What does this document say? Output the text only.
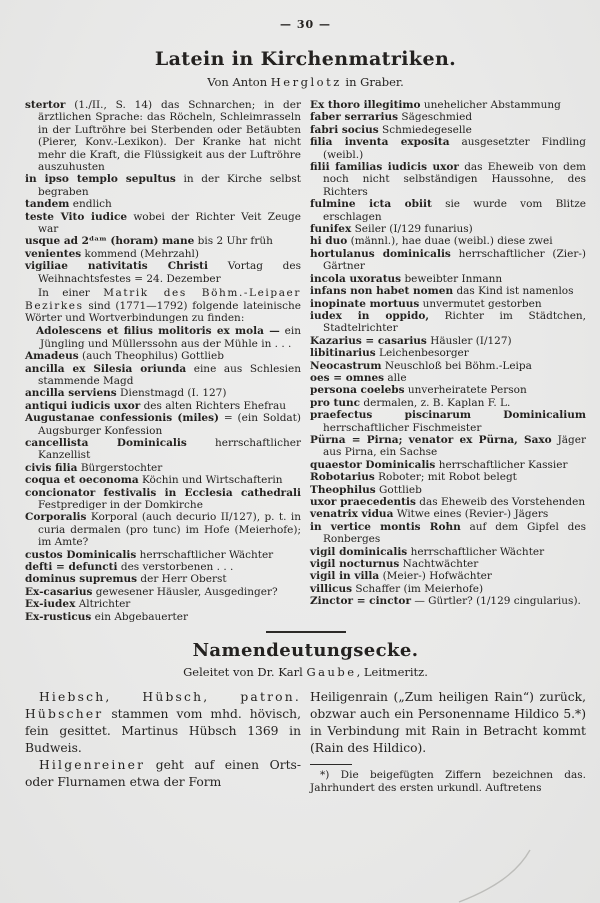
— 30 —
Latein in Kirchenmatriken.
Von Anton Herglotz in Graber.
stertor (1./II., S. 14) das Schnarchen; in der ärztlichen Sprache: das Röcheln, Schleimrasseln in der Luftröhre bei Sterbenden oder Betäubten (Pierer, Konv.-Lexikon). Der Kranke hat nicht mehr die Kraft, die Flüssigkeit aus der Luftröhre auszuhusten
in ipso templo sepultus in der Kirche selbst begraben
tandem endlich
teste Vito iudice wobei der Richter Veit Zeuge war
usque ad 2ᵈᵃᵐ (horam) mane bis 2 Uhr früh
venientes kommend (Mehrzahl)
vigiliae nativitatis Christi Vortag des Weihnachtsfestes = 24. Dezember

In einer Matrik des Böhm.-Leipaer Bezirkes sind (1771—1792) folgende lateinische Wörter und Wortverbindungen zu finden:

Adolescens et filius molitoris ex mola — ein Jüngling und Müllerssohn aus der Mühle in . . .
Amadeus (auch Theophilus) Gottlieb
ancilla ex Silesia oriunda eine aus Schlesien stammende Magd
ancilla serviens Dienstmagd (I. 127)
antiqui iudicis uxor des alten Richters Ehefrau
Augustanae confessionis (miles) = (ein Soldat) Augsburger Konfession
cancellista Dominicalis	herrschaftlicher Kanzellist
civis filia Bürgerstochter
coqua et oeconoma Köchin und Wirtschafterin
concionator festivalis in Ecclesia cathedrali Festprediger in der Domkirche
Corporalis Korporal (auch decurio II/127), p. t. in curia dermalen (pro tunc) im Hofe (Meierhofe); im Amte?
custos Dominicalis herrschaftlicher Wächter
defti = defuncti des verstorbenen . . .
dominus supremus der Herr Oberst
Ex-casarius gewesener Häusler, Ausgedinger?
Ex-iudex Altrichter
Ex-rusticus ein Abgebauerter
Ex thoro illegitimo unehelicher Abstammung
faber serrarius Sägeschmied
fabri socius Schmiedegeselle
filia inventa exposita ausgesetzter Findling (weibl.)
filii familias iudicis uxor das Eheweib von dem noch nicht selbständigen Haussohne, des Richters
fulmine icta obiit sie wurde vom Blitze erschlagen
funifex Seiler (I/129 funarius)
hi duo (männl.), hae duae (weibl.) diese zwei
hortulanus dominicalis herrschaftlicher (Zier-) Gärtner
incola uxoratus beweibter Inmann
infans non habet nomen das Kind ist namenlos
inopinate mortuus unvermutet gestorben
iudex in oppido, Richter im Städtchen, Stadtelrichter
Kazarius = casarius Häusler (I/127)
libitinarius Leichenbesorger
Neocastrum Neuschloß bei Böhm.-Leipa
oes = omnes alle
persona coelebs unverheiratete Person
pro tunc dermalen, z. B. Kaplan F. L.
praefectus piscinarum Dominicalium herrschaftlicher Fischmeister
Pürna = Pirna; venator ex Pürna, Saxo Jäger aus Pirna, ein Sachse
quaestor Dominicalis herrschaftlicher Kassier
Robotarius Roboter; mit Robot belegt
Theophilus Gottlieb
uxor praecedentis das Eheweib des Vorstehenden
venatrix vidua Witwe eines (Revier-) Jägers
in vertice montis Rohn auf dem Gipfel des Ronberges
vigil dominicalis herrschaftlicher Wächter
vigil nocturnus Nachtwächter
vigil in villa (Meier-) Hofwächter
villicus Schaffer (im Meierhofe)
Zinctor = cinctor — Gürtler? (1/129 cingularius).
Namendeutungsecke.
Geleitet von Dr. Karl Gaube, Leitmeritz.

Hiebsch, Hübsch, patron. Hübscher stammen vom mhd. hövisch, fein gesittet. Martinus Hübsch 1369 in Budweis.

Hilgenreiner geht auf einen Orts- oder Flurnamen etwa der Form

Heiligenrain („Zum heiligen Rain“) zurück, obzwar auch ein Personenname Hildico 5.*) in Verbindung mit Rain in Betracht kommt (Rain des Hildico).

*) Die beigefügten Ziffern bezeichnen das. Jahrhundert des ersten urkundl. Auftretens
